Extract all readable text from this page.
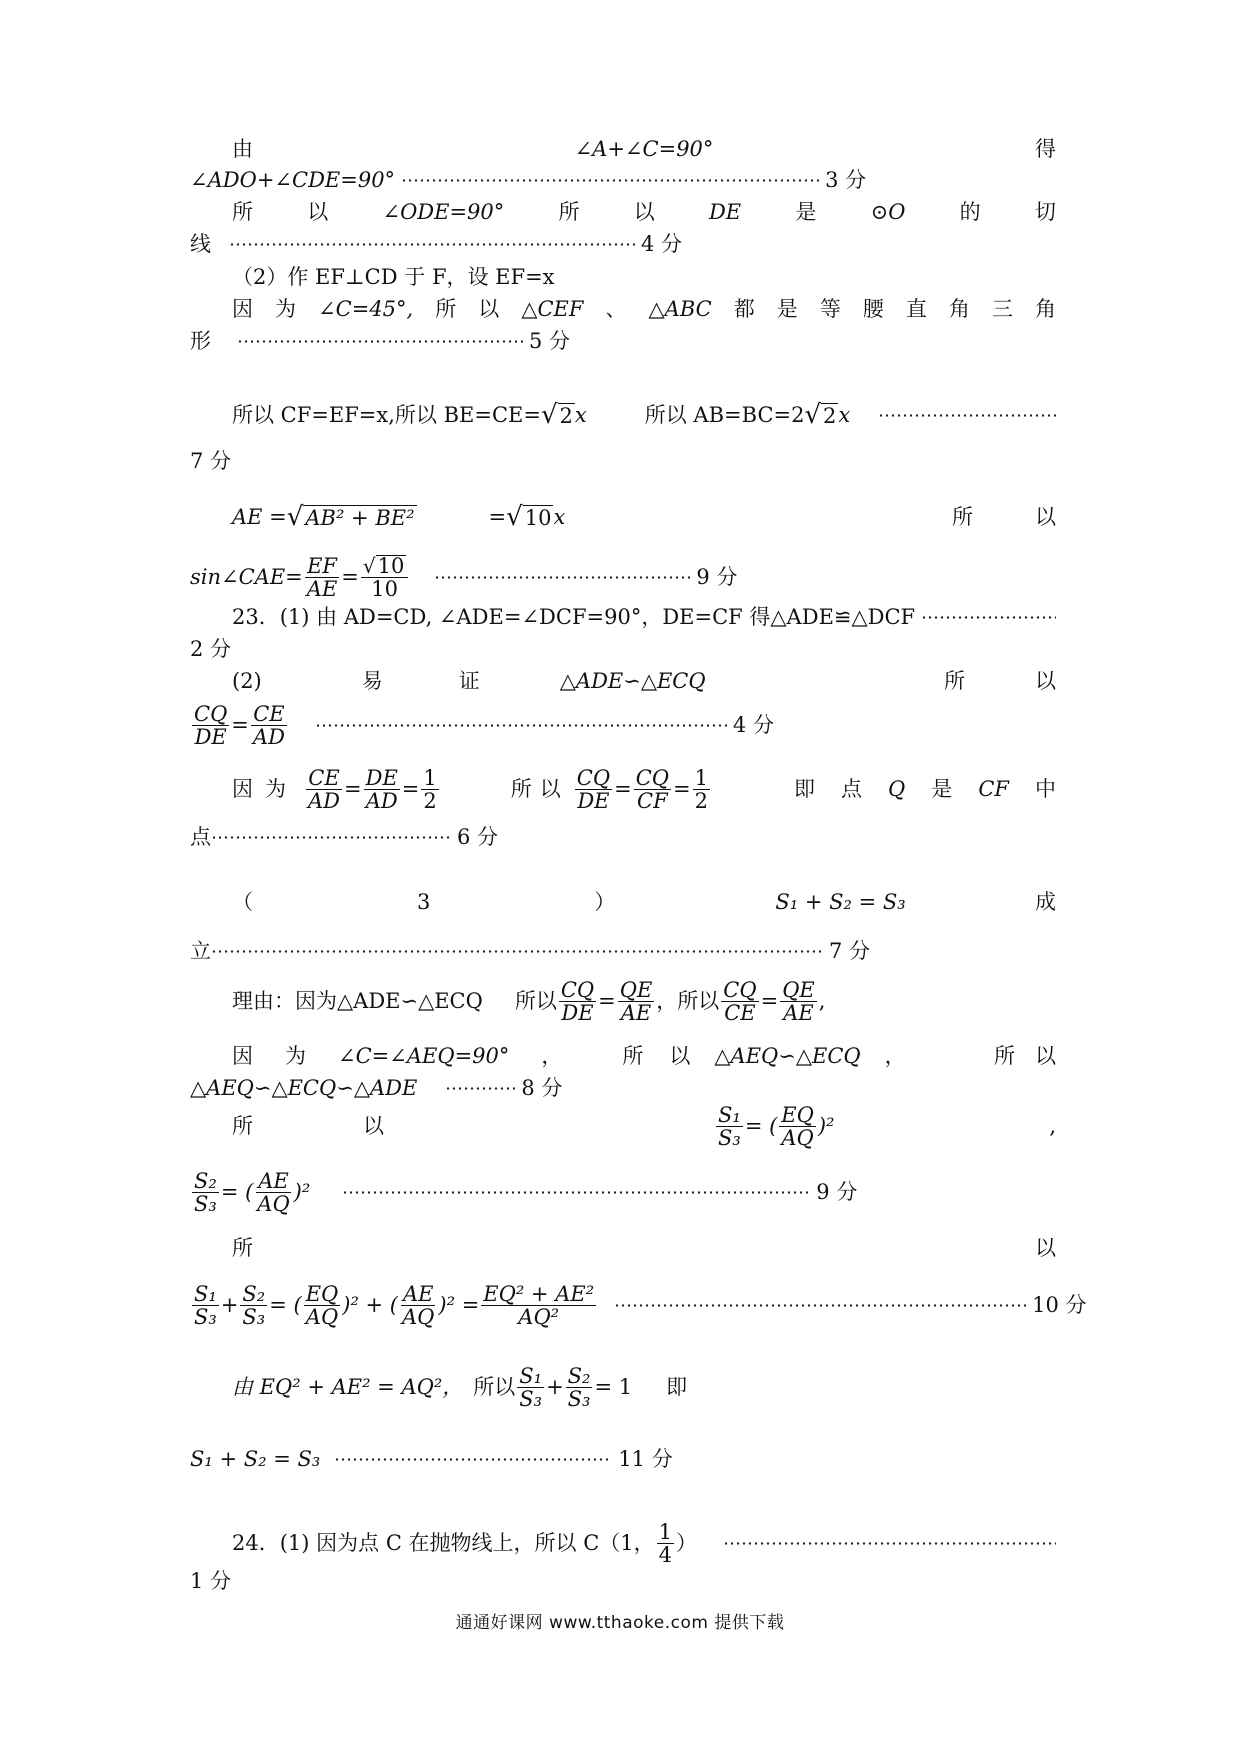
由	∠A+∠C=90°	得
∠ADO+∠CDE=90°	3 分
所	以	∠ODE=90°	所	以	DE	是	⊙O	的	切
线	4 分
（2）作 EF⊥CD 于 F，设 EF=x
因 为 ∠C=45°, 所 以 △CEF 、 △ABC 都 是 等 腰 直 角 三 角
形	5 分
所以 CF=EF=x,所以 BE=CE= √ 2 x	所以 AB=BC=2 √ 2 x
7 分
AE = √ AB² + BE²	= √ 10 x	所	以
sin∠CAE= $\frac{EF}{AE} = \frac{√ 10}{10}$	9 分
23．(1) 由 AD=CD, ∠ADE=∠DCF=90°，DE=CF 得△ADE≌△DCF
2 分
(2)	易	证	△ADE∽△ECQ	所	以
$\frac{CQ}{DE} = \frac{CE}{AD}$	4 分
因 为 $\frac{CE}{AD} = \frac{DE}{AD} = \frac{1}{2}$	所 以 $\frac{CQ}{DE} = \frac{CQ}{CF} = \frac{1}{2}$	即 点 Q 是 CF 中
点	6 分
（	3	）	S₁ + S₂ = S₃	成
立	7 分
理由：因为△ADE∽△ECQ 所以 $\frac{CQ}{DE} = \frac{QE}{AE}$ ，所以 $\frac{CQ}{CE} = \frac{QE}{AE}$ ,
因 为 ∠C=∠AEQ=90° ，	所 以 △AEQ∽△ECQ ，	所 以
△AEQ∽△ECQ∽△ADE	8 分
所	以	$\frac{\text{S₁}}{\text{S₃}}$ = ( $\frac{EQ}{AQ} )^2$	,
$\frac{\text{S₂}}{\text{S₃}}$ = ( $\frac{AE}{AQ} )^2$	9 分
所	以
$\frac{\text{S₁}}{\text{S₃}} + \frac{\text{S₂}}{\text{S₃}}$ = ( $\frac{EQ}{AQ} )^2$ + ( $\frac{AE}{AQ} )^2 = \frac{\text{EQ² + AE²}}{\text{AQ²}}$	10 分
由 EQ² + AE² = AQ²， 所以 $\frac{\text{S₁}}{\text{S₃}} + \frac{\text{S₂}}{\text{S₃}} = 1$ 即
S₁ + S₂ = S₃	11 分
24．(1) 因为点 C 在抛物线上，所以 C（1， $\frac{1}{4}$ ）
1 分
通通好课网 www.tthaoke.com 提供下载
